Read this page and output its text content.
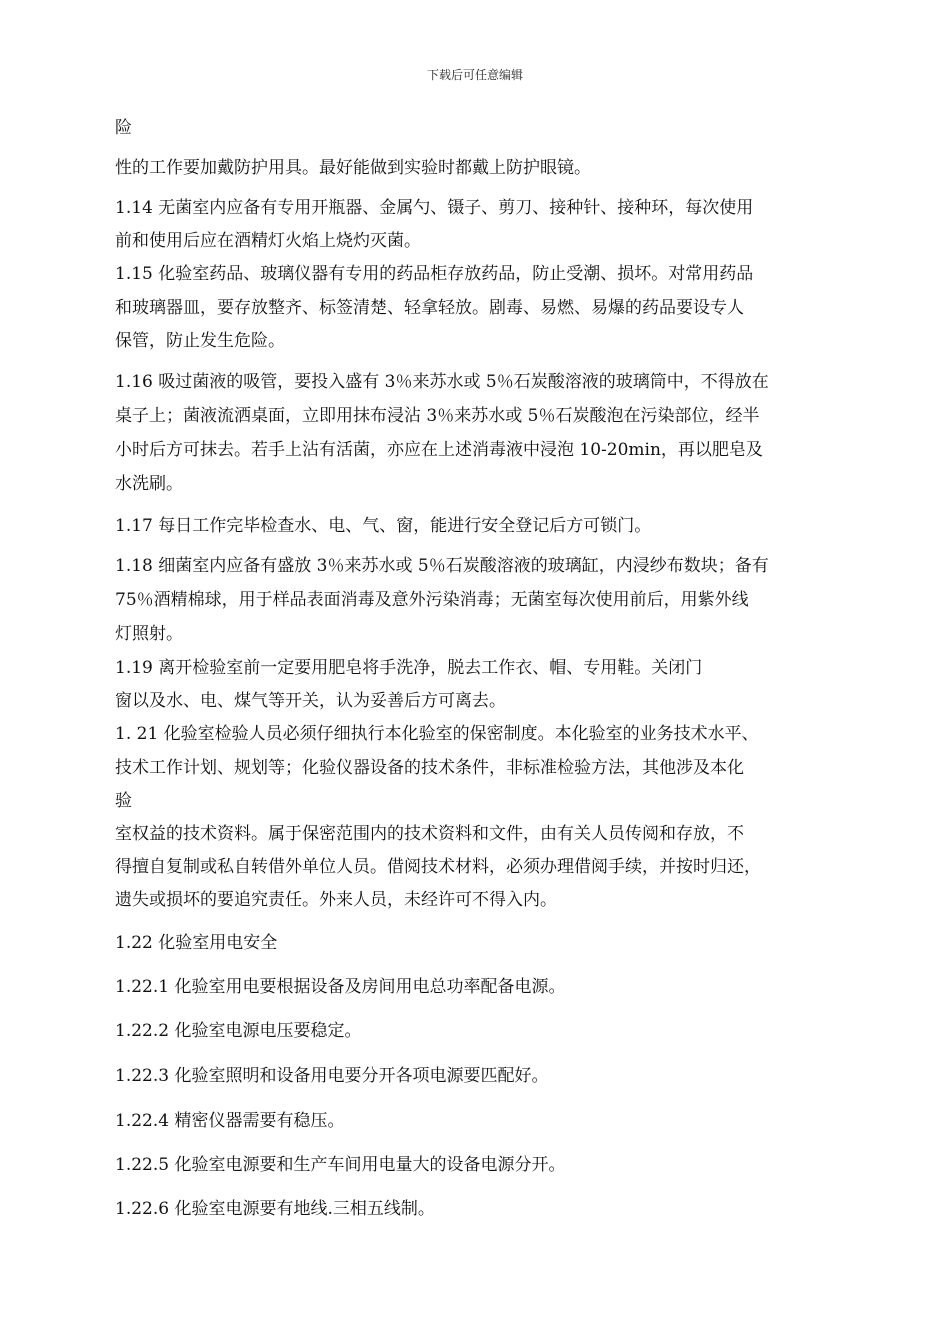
下载后可任意编辑
险
性的工作要加戴防护用具。最好能做到实验时都戴上防护眼镜。
1.14 无菌室内应备有专用开瓶器、金属勺、镊子、剪刀、接种针、接种环，每次使用
前和使用后应在酒精灯火焰上烧灼灭菌。
1.15 化验室药品、玻璃仪器有专用的药品柜存放药品，防止受潮、损坏。对常用药品
和玻璃器皿，要存放整齐、标签清楚、轻拿轻放。剧毒、易燃、易爆的药品要设专人
保管，防止发生危险。
1.16 吸过菌液的吸管，要投入盛有 3％来苏水或 5％石炭酸溶液的玻璃筒中，不得放在
桌子上；菌液流洒桌面，立即用抹布浸沾 3％来苏水或 5％石炭酸泡在污染部位，经半
小时后方可抹去。若手上沾有活菌，亦应在上述消毒液中浸泡 10-20min，再以肥皂及
水洗刷。
1.17 每日工作完毕检查水、电、气、窗，能进行安全登记后方可锁门。
1.18 细菌室内应备有盛放 3％来苏水或 5％石炭酸溶液的玻璃缸，内浸纱布数块；备有
75％酒精棉球，用于样品表面消毒及意外污染消毒；无菌室每次使用前后，用紫外线
灯照射。
1.19 离开检验室前一定要用肥皂将手洗净，脱去工作衣、帽、专用鞋。关闭门
窗以及水、电、煤气等开关，认为妥善后方可离去。
1. 21 化验室检验人员必须仔细执行本化验室的保密制度。本化验室的业务技术水平、
技术工作计划、规划等；化验仪器设备的技术条件，非标准检验方法，其他涉及本化
验
室权益的技术资料。属于保密范围内的技术资料和文件，由有关人员传阅和存放，不
得擅自复制或私自转借外单位人员。借阅技术材料，必须办理借阅手续，并按时归还，
遗失或损坏的要追究责任。外来人员，未经许可不得入内。
1.22 化验室用电安全
1.22.1 化验室用电要根据设备及房间用电总功率配备电源。
1.22.2 化验室电源电压要稳定。
1.22.3 化验室照明和设备用电要分开各项电源要匹配好。
1.22.4 精密仪器需要有稳压。
1.22.5 化验室电源要和生产车间用电量大的设备电源分开。
1.22.6 化验室电源要有地线.三相五线制。
